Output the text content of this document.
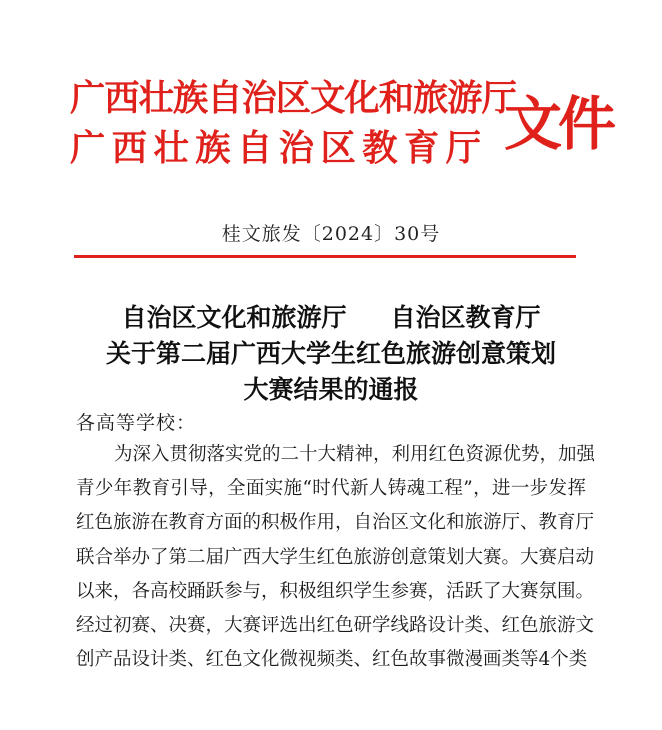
广西壮族自治区文化和旅游厅
广西壮族自治区教育厅 文件
桂文旅发〔2024〕30号
自治区文化和旅游厅 自治区教育厅
关于第二届广西大学生红色旅游创意策划
大赛结果的通报
各高等学校：
为深入贯彻落实党的二十大精神，利用红色资源优势，加强
青少年教育引导，全面实施“时代新人铸魂工程”，进一步发挥
红色旅游在教育方面的积极作用，自治区文化和旅游厅、教育厅
联合举办了第二届广西大学生红色旅游创意策划大赛。大赛启动
以来，各高校踊跃参与，积极组织学生参赛，活跃了大赛氛围。
经过初赛、决赛，大赛评选出红色研学线路设计类、红色旅游文
创产品设计类、红色文化微视频类、红色故事微漫画类等4个类
